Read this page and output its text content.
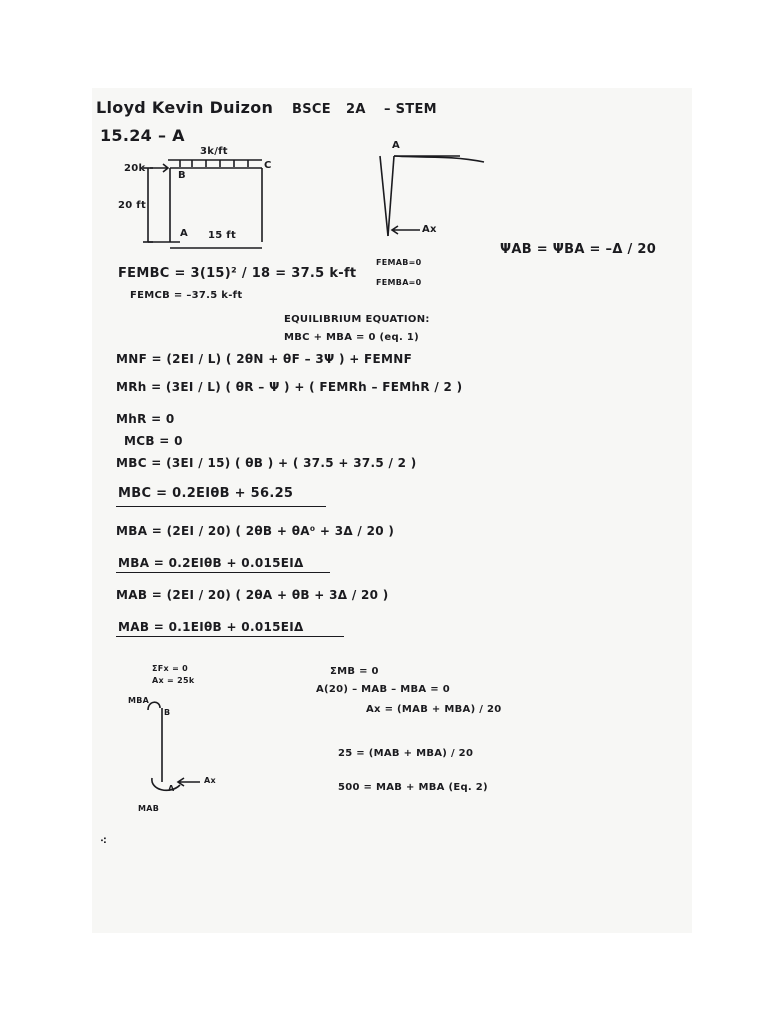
Lloyd Kevin Duizon BSCE 2A – STEM
15.24 – A
3k/ft
20k
20 ft
15 ft
B
C
A
A
Ax
FEMAB=0
FEMBA=0
ΨAB = ΨBA = –Δ / 20
FEMBC = 3(15)² / 18 = 37.5 k-ft
FEMCB = –37.5 k-ft
EQUILIBRIUM EQUATION:
MBC + MBA = 0 (eq. 1)
MNF = (2EI / L) ( 2θN + θF – 3Ψ ) + FEMNF
MRh = (3EI / L) ( θR – Ψ ) + ( FEMRh – FEMhR / 2 )
MhR = 0
MCB = 0
MBC = (3EI / 15) ( θB ) + ( 37.5 + 37.5 / 2 )
MBC = 0.2EIθB + 56.25
MBA = (2EI / 20) ( 2θB + θA⁰ + 3Δ / 20 )
MBA = 0.2EIθB + 0.015EIΔ
MAB = (2EI / 20) ( 2θA + θB + 3Δ / 20 )
MAB = 0.1EIθB + 0.015EIΔ
ΣFx = 0
Ax = 25k
MBA
B
A
Ax
MAB
ΣMB = 0
A(20) – MAB – MBA = 0
Ax = (MAB + MBA) / 20
25 = (MAB + MBA) / 20
500 = MAB + MBA (Eq. 2)
⁖
